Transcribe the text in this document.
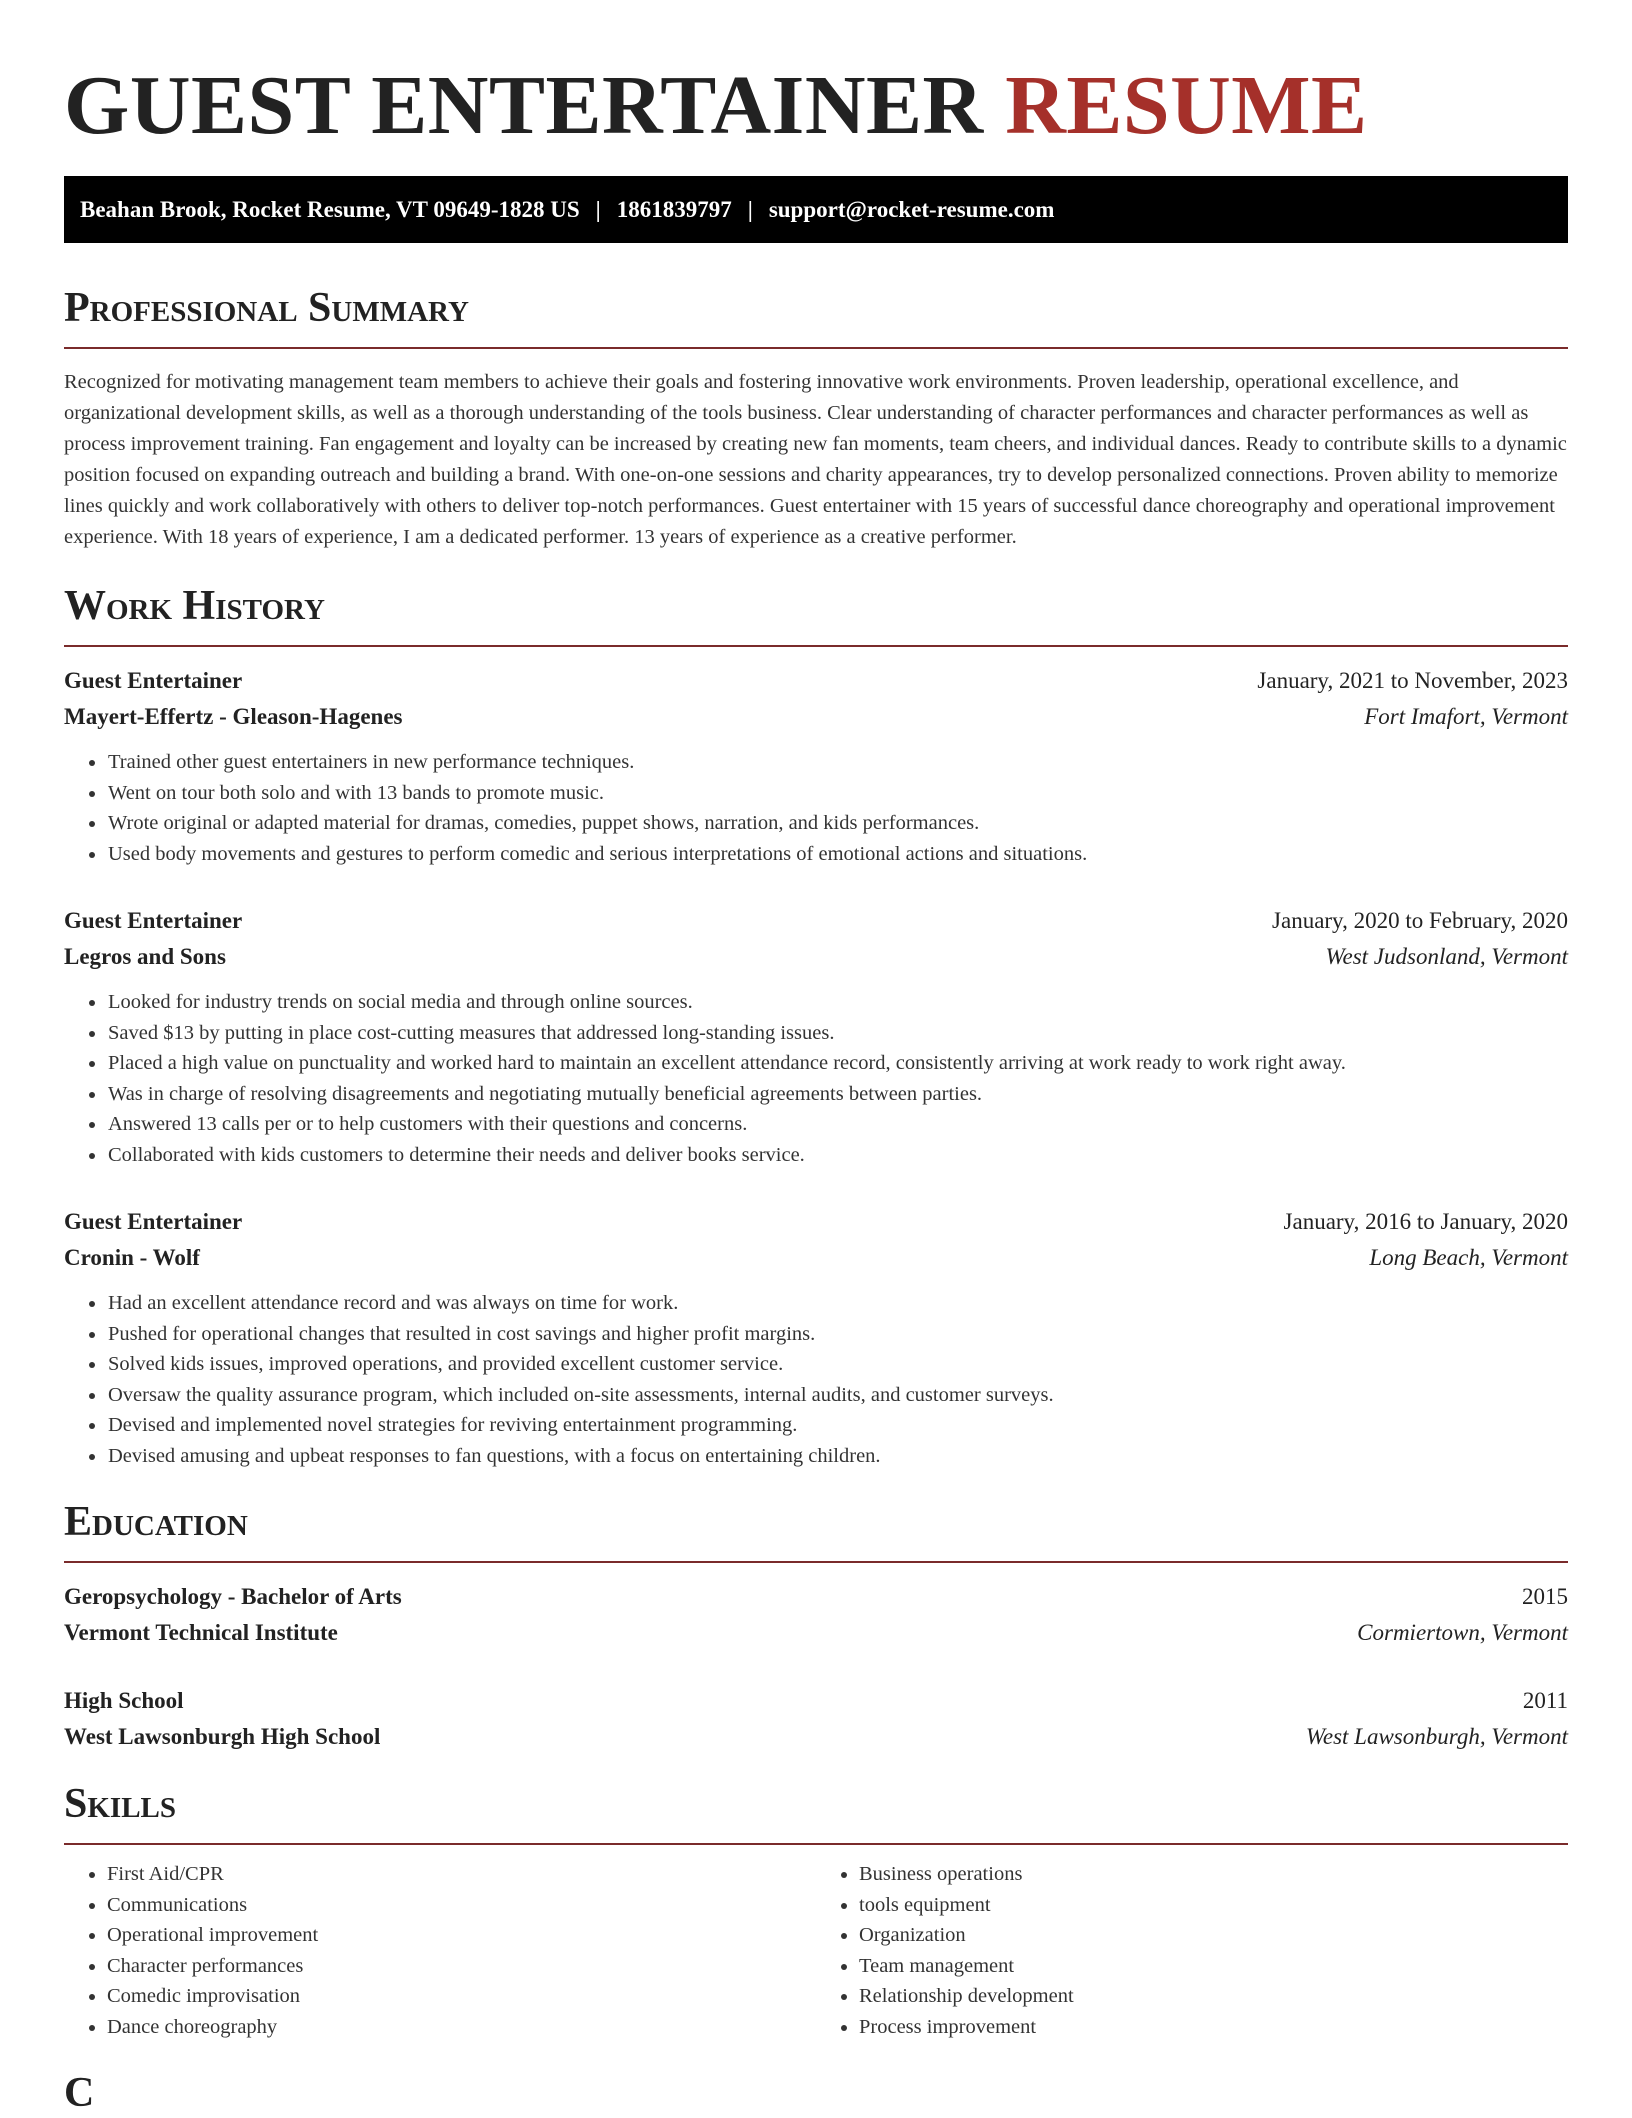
GUEST ENTERTAINER RESUME
Beahan Brook, Rocket Resume, VT 09649-1828 US | 1861839797 | support@rocket-resume.com
Professional Summary

Recognized for motivating management team members to achieve their goals and fostering innovative work environments. Proven leadership, operational excellence, and organizational development skills, as well as a thorough understanding of the tools business. Clear understanding of character performances and character performances as well as process improvement training. Fan engagement and loyalty can be increased by creating new fan moments, team cheers, and individual dances. Ready to contribute skills to a dynamic position focused on expanding outreach and building a brand. With one-on-one sessions and charity appearances, try to develop personalized connections. Proven ability to memorize lines quickly and work collaboratively with others to deliver top-notch performances. Guest entertainer with 15 years of successful dance choreography and operational improvement experience. With 18 years of experience, I am a dedicated performer. 13 years of experience as a creative performer.

Work History
Guest Entertainer	January, 2021 to November, 2023
Mayert-Effertz - Gleason-Hagenes	Fort Imafort, Vermont
• Trained other guest entertainers in new performance techniques.
• Went on tour both solo and with 13 bands to promote music.
• Wrote original or adapted material for dramas, comedies, puppet shows, narration, and kids performances.
• Used body movements and gestures to perform comedic and serious interpretations of emotional actions and situations.
Guest Entertainer	January, 2020 to February, 2020
Legros and Sons	West Judsonland, Vermont
• Looked for industry trends on social media and through online sources.
• Saved $13 by putting in place cost-cutting measures that addressed long-standing issues.
• Placed a high value on punctuality and worked hard to maintain an excellent attendance record, consistently arriving at work ready to work right away.
• Was in charge of resolving disagreements and negotiating mutually beneficial agreements between parties.
• Answered 13 calls per or to help customers with their questions and concerns.
• Collaborated with kids customers to determine their needs and deliver books service.
Guest Entertainer	January, 2016 to January, 2020
Cronin - Wolf	Long Beach, Vermont
• Had an excellent attendance record and was always on time for work.
• Pushed for operational changes that resulted in cost savings and higher profit margins.
• Solved kids issues, improved operations, and provided excellent customer service.
• Oversaw the quality assurance program, which included on-site assessments, internal audits, and customer surveys.
• Devised and implemented novel strategies for reviving entertainment programming.
• Devised amusing and upbeat responses to fan questions, with a focus on entertaining children.
Education
Geropsychology - Bachelor of Arts	2015
Vermont Technical Institute	Cormiertown, Vermont
High School	2011
West Lawsonburgh High School	West Lawsonburgh, Vermont
Skills
• First Aid/CPR
• Communications
• Operational improvement
• Character performances
• Comedic improvisation
• Dance choreography
• Business operations
• tools equipment
• Organization
• Team management
• Relationship development
• Process improvement
C
